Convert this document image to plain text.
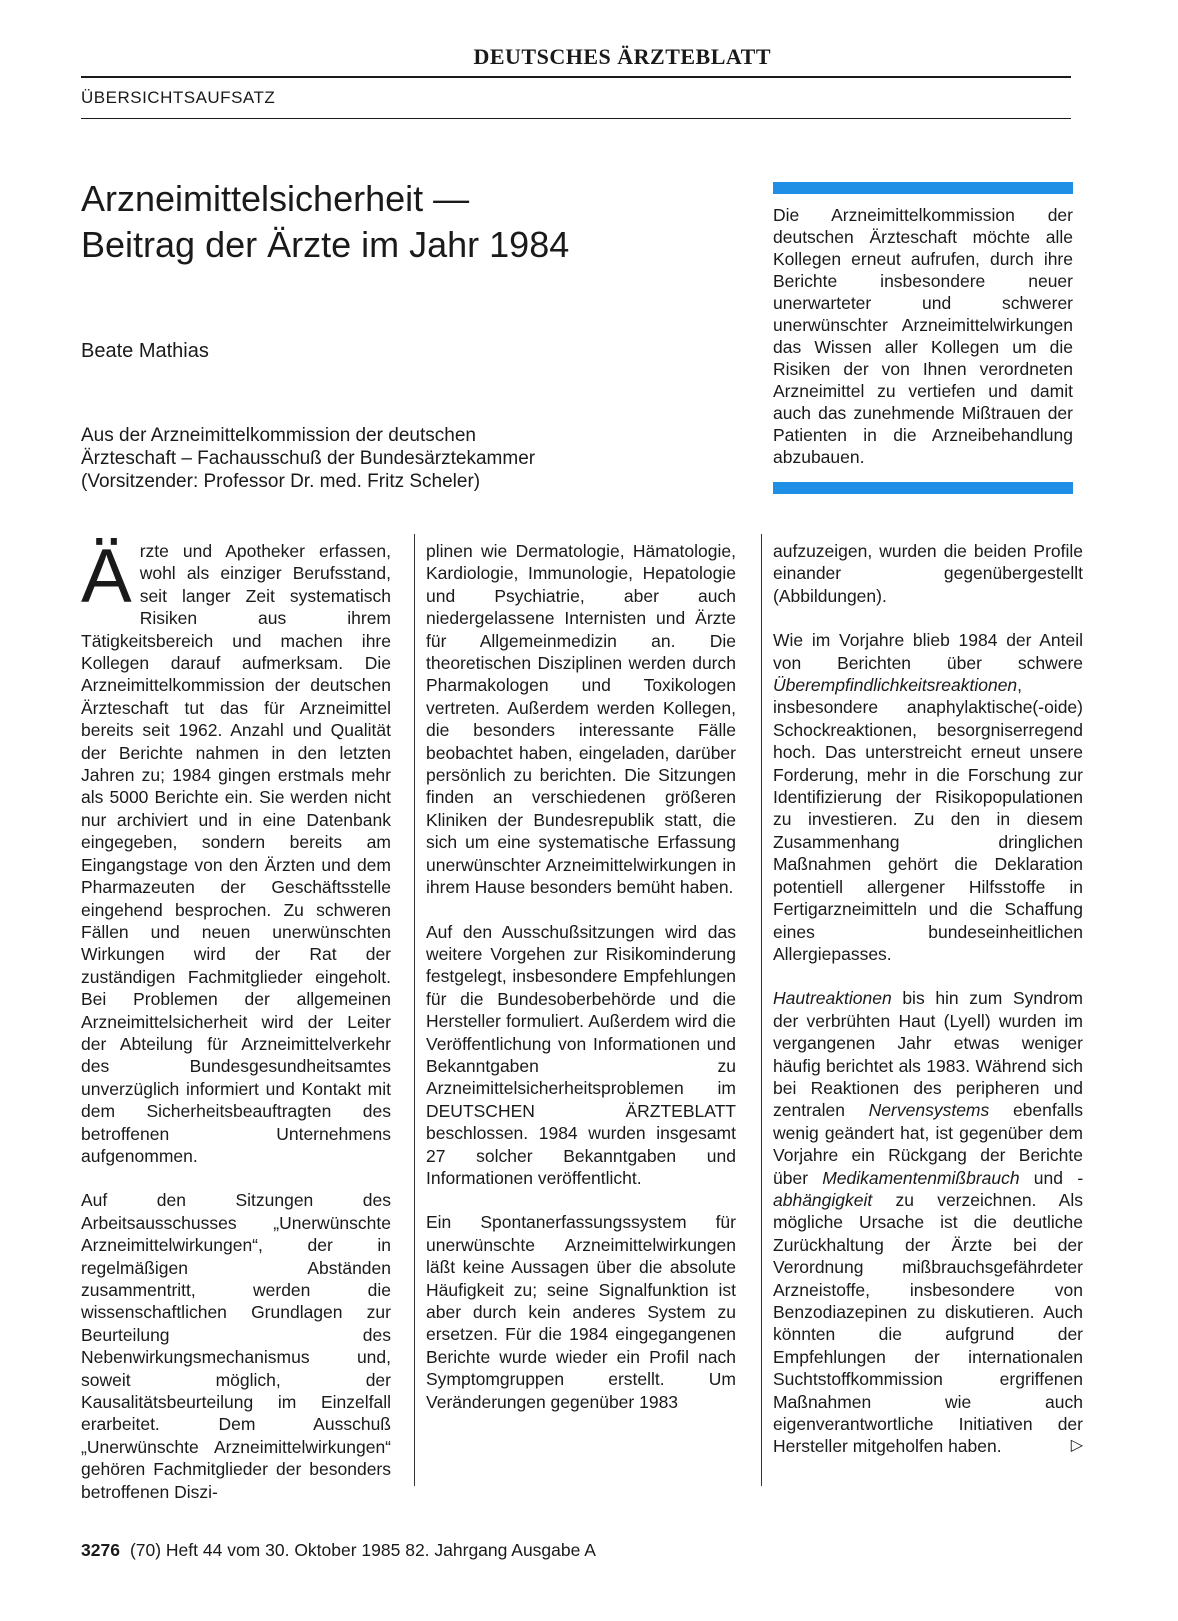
DEUTSCHES ÄRZTEBLATT
ÜBERSICHTSAUFSATZ
Arzneimittelsicherheit —
Beitrag der Ärzte im Jahr 1984
Beate Mathias
Aus der Arzneimittelkommission der deutschen
Ärzteschaft – Fachausschuß der Bundesärztekammer
(Vorsitzender: Professor Dr. med. Fritz Scheler)
Die Arzneimittelkommission der deutschen Ärzteschaft möchte alle Kollegen erneut aufrufen, durch ihre Berichte insbesondere neuer unerwarteter und schwerer unerwünschter Arzneimittelwirkungen das Wissen aller Kollegen um die Risiken der von Ihnen verordneten Arzneimittel zu vertiefen und damit auch das zunehmende Mißtrauen der Patienten in die Arzneibehandlung abzubauen.

Ärzte und Apotheker erfassen, wohl als einziger Berufsstand, seit langer Zeit systematisch Risiken aus ihrem Tätigkeitsbereich und machen ihre Kollegen darauf aufmerksam. Die Arzneimittelkommission der deutschen Ärzteschaft tut das für Arzneimittel bereits seit 1962. Anzahl und Qualität der Berichte nahmen in den letzten Jahren zu; 1984 gingen erstmals mehr als 5000 Berichte ein. Sie werden nicht nur archiviert und in eine Datenbank eingegeben, sondern bereits am Eingangstage von den Ärzten und dem Pharmazeuten der Geschäftsstelle eingehend besprochen. Zu schweren Fällen und neuen unerwünschten Wirkungen wird der Rat der zuständigen Fachmitglieder eingeholt. Bei Problemen der allgemeinen Arzneimittelsicherheit wird der Leiter der Abteilung für Arzneimittelverkehr des Bundesgesundheitsamtes unverzüglich informiert und Kontakt mit dem Sicherheitsbeauftragten des betroffenen Unternehmens aufgenommen.

Auf den Sitzungen des Arbeitsausschusses „Unerwünschte Arzneimittelwirkungen“, der in regelmäßigen Abständen zusammentritt, werden die wissenschaftlichen Grundlagen zur Beurteilung des Nebenwirkungsmechanismus und, soweit möglich, der Kausalitätsbeurteilung im Einzelfall erarbeitet. Dem Ausschuß „Unerwünschte Arzneimittelwirkungen“ gehören Fachmitglieder der besonders betroffenen Diszi-

plinen wie Dermatologie, Hämatologie, Kardiologie, Immunologie, Hepatologie und Psychiatrie, aber auch niedergelassene Internisten und Ärzte für Allgemeinmedizin an. Die theoretischen Disziplinen werden durch Pharmakologen und Toxikologen vertreten. Außerdem werden Kollegen, die besonders interessante Fälle beobachtet haben, eingeladen, darüber persönlich zu berichten. Die Sitzungen finden an verschiedenen größeren Kliniken der Bundesrepublik statt, die sich um eine systematische Erfassung unerwünschter Arzneimittelwirkungen in ihrem Hause besonders bemüht haben.

Auf den Ausschußsitzungen wird das weitere Vorgehen zur Risikominderung festgelegt, insbesondere Empfehlungen für die Bundesoberbehörde und die Hersteller formuliert. Außerdem wird die Veröffentlichung von Informationen und Bekanntgaben zu Arzneimittelsicherheitsproblemen im DEUTSCHEN ÄRZTEBLATT beschlossen. 1984 wurden insgesamt 27 solcher Bekanntgaben und Informationen veröffentlicht.

Ein Spontanerfassungssystem für unerwünschte Arzneimittelwirkungen läßt keine Aussagen über die absolute Häufigkeit zu; seine Signalfunktion ist aber durch kein anderes System zu ersetzen. Für die 1984 eingegangenen Berichte wurde wieder ein Profil nach Symptomgruppen erstellt. Um Veränderungen gegenüber 1983

aufzuzeigen, wurden die beiden Profile einander gegenübergestellt (Abbildungen).

Wie im Vorjahre blieb 1984 der Anteil von Berichten über schwere Überempfindlichkeitsreaktionen, insbesondere anaphylaktische(-oide) Schockreaktionen, besorgniserregend hoch. Das unterstreicht erneut unsere Forderung, mehr in die Forschung zur Identifizierung der Risikopopulationen zu investieren. Zu den in diesem Zusammenhang dringlichen Maßnahmen gehört die Deklaration potentiell allergener Hilfsstoffe in Fertigarzneimitteln und die Schaffung eines bundeseinheitlichen Allergiepasses.

Hautreaktionen bis hin zum Syndrom der verbrühten Haut (Lyell) wurden im vergangenen Jahr etwas weniger häufig berichtet als 1983. Während sich bei Reaktionen des peripheren und zentralen Nervensystems ebenfalls wenig geändert hat, ist gegenüber dem Vorjahre ein Rückgang der Berichte über Medikamentenmißbrauch und -abhängigkeit zu verzeichnen. Als mögliche Ursache ist die deutliche Zurückhaltung der Ärzte bei der Verordnung mißbrauchsgefährdeter Arzneistoffe, insbesondere von Benzodiazepinen zu diskutieren. Auch könnten die aufgrund der Empfehlungen der internationalen Suchtstoffkommission ergriffenen Maßnahmen wie auch eigenverantwortliche Initiativen der Hersteller mitgeholfen haben.	▷

3276 (70) Heft 44 vom 30. Oktober 1985 82. Jahrgang Ausgabe A
